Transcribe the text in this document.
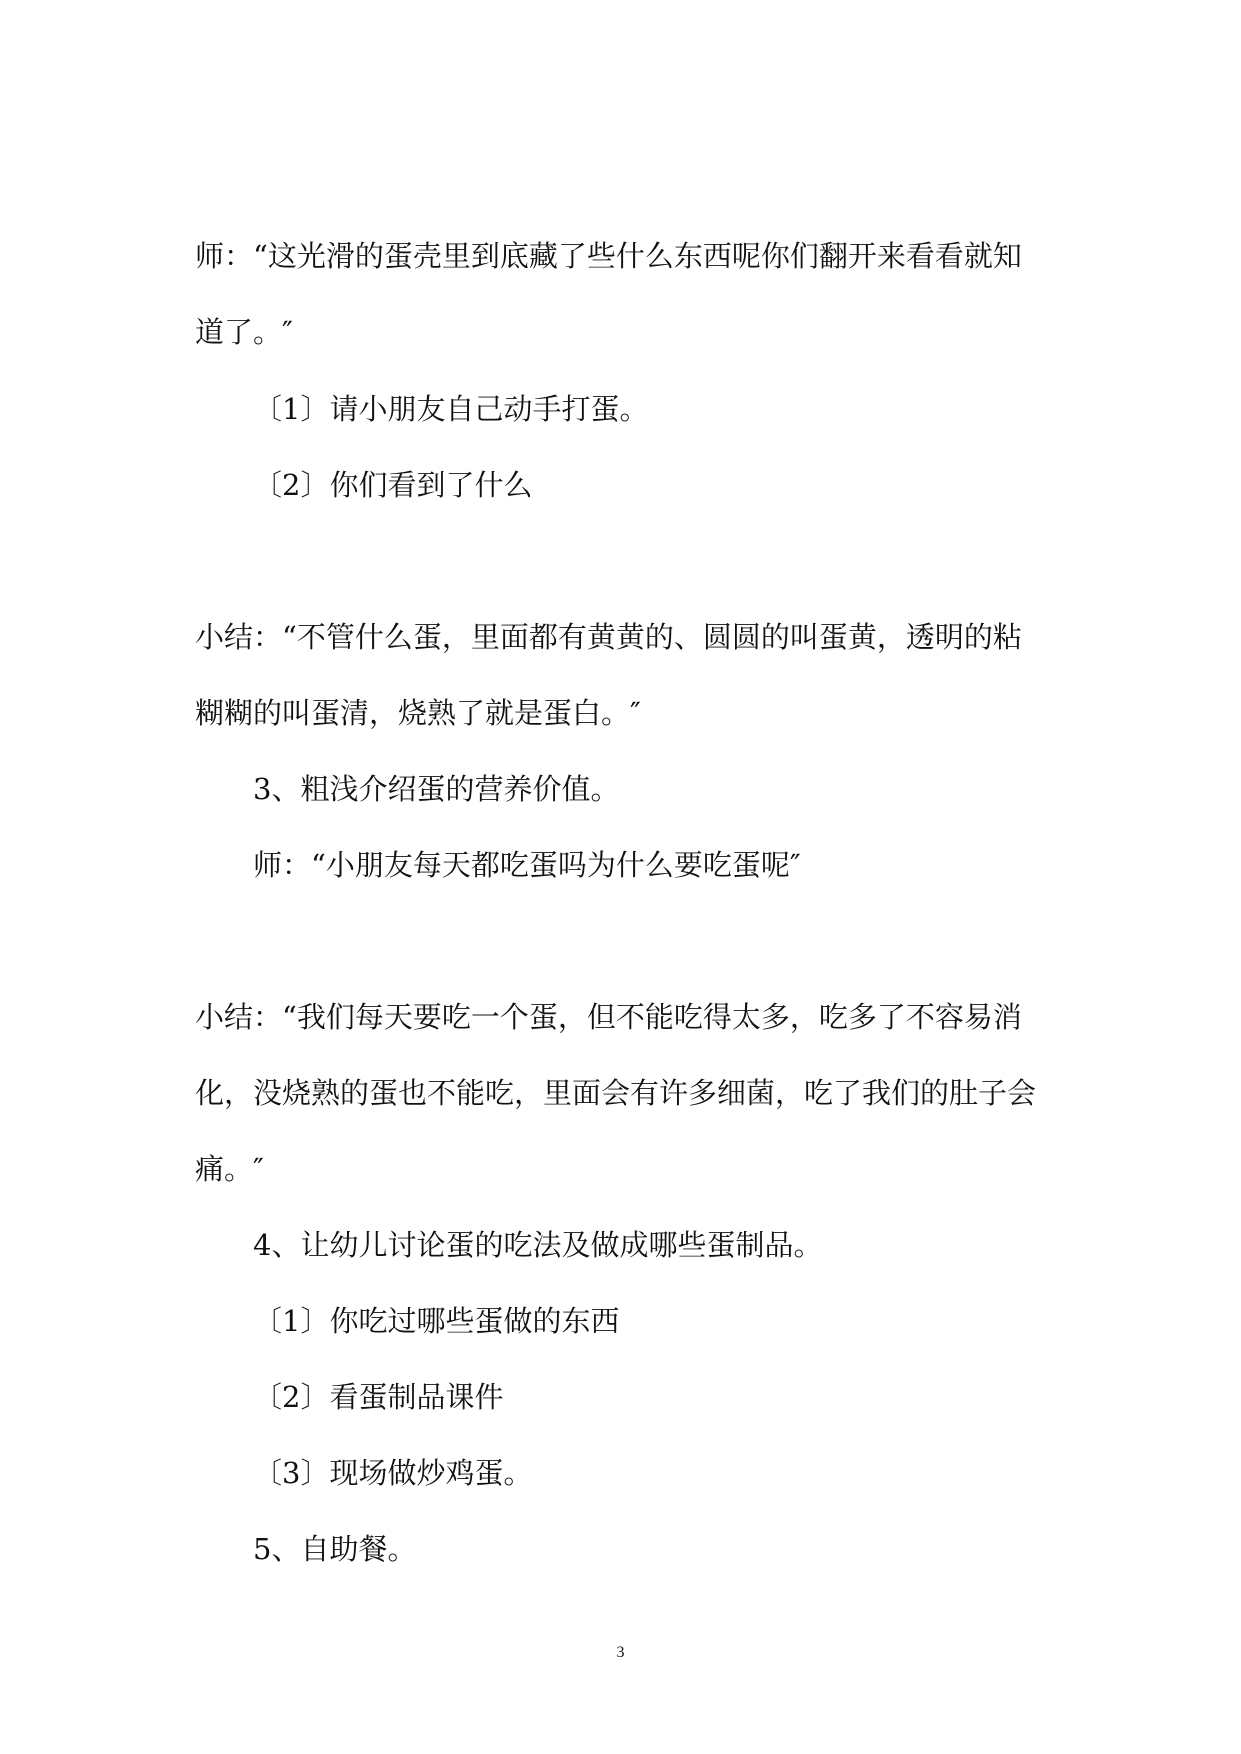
师：“这光滑的蛋壳里到底藏了些什么东西呢你们翻开来看看就知
道了。″
〔1〕请小朋友自己动手打蛋。
〔2〕你们看到了什么
小结：“不管什么蛋，里面都有黄黄的、圆圆的叫蛋黄，透明的粘
糊糊的叫蛋清，烧熟了就是蛋白。″
3、粗浅介绍蛋的营养价值。
师：“小朋友每天都吃蛋吗为什么要吃蛋呢″
小结：“我们每天要吃一个蛋，但不能吃得太多，吃多了不容易消
化，没烧熟的蛋也不能吃，里面会有许多细菌，吃了我们的肚子会
痛。″
4、让幼儿讨论蛋的吃法及做成哪些蛋制品。
〔1〕你吃过哪些蛋做的东西
〔2〕看蛋制品课件
〔3〕现场做炒鸡蛋。
5、自助餐。
3
